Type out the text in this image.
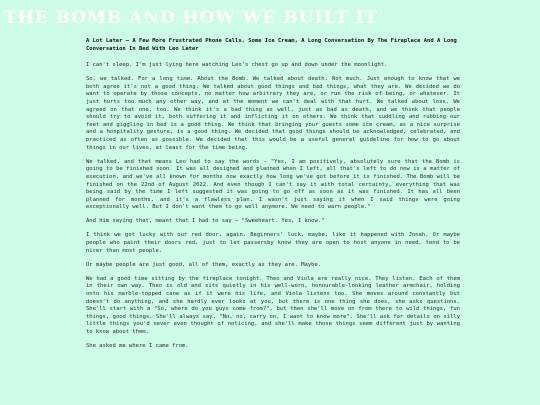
THE BOMB AND HOW WE BUILT IT
A Lot Later – A Few More Frustrated Phone Calls, Some Ice Cream, A Long Conversation By The Fireplace And A Long Conversation In Bed With Leo Later

I can't sleep. I'm just lying here watching Leo's chest go up and down under the moonlight.

So, we talked. For a long time. About the Bomb. We talked about death. Not much. Just enough to know that we both agree it's not a good thing. We talked about good things and bad things, what they are. We decided we do want to operate by those concepts, no matter how arbitrary they are, or run the risk of being, or whatever. It just hurts too much any other way, and at the moment we can't deal with that hurt. We talked about loss. We agreed on that one, too. We think it's a bad thing as well, just as bad as death, and we think that people should try to avoid it, both suffering it and inflicting it on others. We think that cuddling and rubbing our feet and giggling in bed is a good thing. We think that bringing your guests some ice cream, as a nice surprise and a hospitality gesture, is a good thing. We decided that good things should be acknowledged, celebrated, and practiced as often as possible. We decided that this would be a useful general guideline for how to go about things in our lives, at least for the time being.

We talked, and that means Leo had to say the words – "Yes, I am positively, absolutely sure that the Bomb is going to be finished soon. It was all designed and planned when I left, all that's left to do now is a matter of execution, and we've all known for months now exactly how long we've got before it is finished. The Bomb will be finished on the 22nd of August 2022. And even though I can't say it with total certainty, everything that was being said by the time I left suggested it was going to go off as soon as it was finished. It has all been planned for months, and it's a flawless plan. I wasn't just saying it when I said things were going exceptionally well. But I don't want them to go well anymore. We need to warn people."

And him saying that, meant that I had to say – "Sweeheart. Yes, I know."

I think we got lucky with our red door, again. Beginners' luck, maybe, like it happened with Jonah. Or maybe people who paint their doors red, just to let passersby know they are open to host anyone in need, tend to be nicer than most people.

Or maybe people are just good, all of them, exactly as they are. Maybe.

We had a good time sitting by the fireplace tonight. Theo and Viola are really nice. They listen. Each of them in their own way. Theo is old and sits quietly in his well-worn, honourable-looking leather armchair, holding onto his marble-topped cane as if it were his life, and Viola listens too. She moves around constantly but doesn't do anything, and she hardly ever looks at you, but there is one thing she does, she asks questions. She'll start with a "So, where do you guys come from?", but then she'll move on from there to wild things, fun things, good things. She'll always say, "No, no, carry on, I want to know more". She'll ask for details on silly little things you'd never even thought of noticing, and she'll make those things seem different just by wanting to know about them.

She asked me where I came from.
